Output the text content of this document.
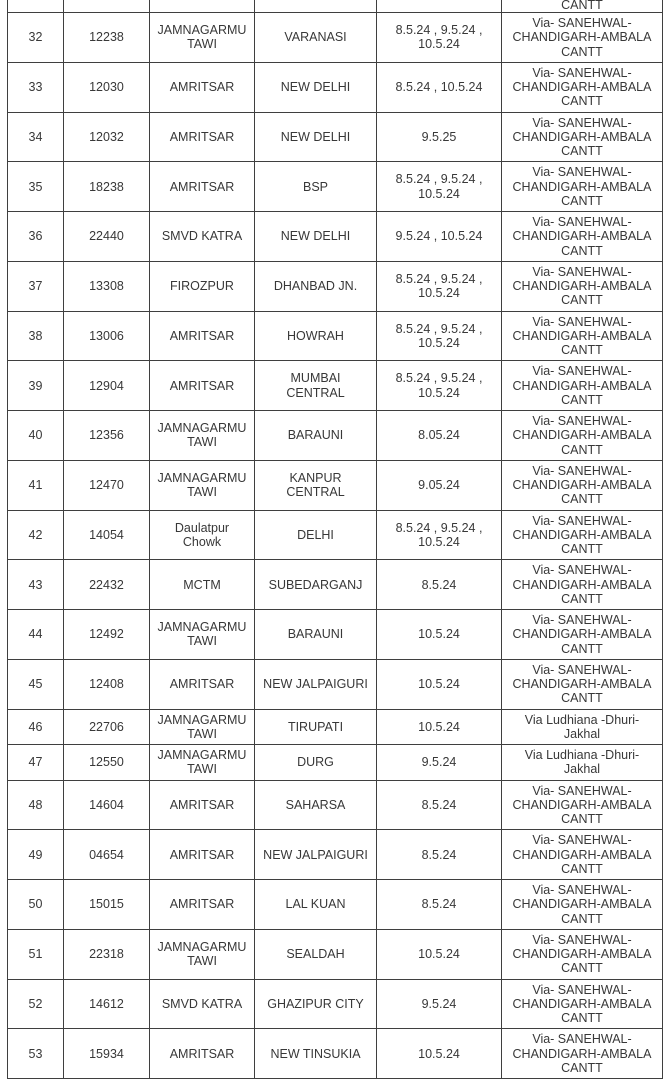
					CANTT
32	12238	JAMNAGARMU TAWI	VARANASI	8.5.24 , 9.5.24 , 10.5.24	Via- SANEHWAL-CHANDIGARH-AMBALA CANTT
33	12030	AMRITSAR	NEW DELHI	8.5.24 , 10.5.24	Via- SANEHWAL-CHANDIGARH-AMBALA CANTT
34	12032	AMRITSAR	NEW DELHI	9.5.25	Via- SANEHWAL-CHANDIGARH-AMBALA CANTT
35	18238	AMRITSAR	BSP	8.5.24 , 9.5.24 , 10.5.24	Via- SANEHWAL-CHANDIGARH-AMBALA CANTT
36	22440	SMVD KATRA	NEW DELHI	9.5.24 , 10.5.24	Via- SANEHWAL-CHANDIGARH-AMBALA CANTT
37	13308	FIROZPUR	DHANBAD JN.	8.5.24 , 9.5.24 , 10.5.24	Via- SANEHWAL-CHANDIGARH-AMBALA CANTT
38	13006	AMRITSAR	HOWRAH	8.5.24 , 9.5.24 , 10.5.24	Via- SANEHWAL-CHANDIGARH-AMBALA CANTT
39	12904	AMRITSAR	MUMBAI CENTRAL	8.5.24 , 9.5.24 , 10.5.24	Via- SANEHWAL-CHANDIGARH-AMBALA CANTT
40	12356	JAMNAGARMU TAWI	BARAUNI	8.05.24	Via- SANEHWAL-CHANDIGARH-AMBALA CANTT
41	12470	JAMNAGARMU TAWI	KANPUR CENTRAL	9.05.24	Via- SANEHWAL-CHANDIGARH-AMBALA CANTT
42	14054	Daulatpur Chowk	DELHI	8.5.24 , 9.5.24 , 10.5.24	Via- SANEHWAL-CHANDIGARH-AMBALA CANTT
43	22432	MCTM	SUBEDARGANJ	8.5.24	Via- SANEHWAL-CHANDIGARH-AMBALA CANTT
44	12492	JAMNAGARMU TAWI	BARAUNI	10.5.24	Via- SANEHWAL-CHANDIGARH-AMBALA CANTT
45	12408	AMRITSAR	NEW JALPAIGURI	10.5.24	Via- SANEHWAL-CHANDIGARH-AMBALA CANTT
46	22706	JAMNAGARMU TAWI	TIRUPATI	10.5.24	Via Ludhiana -Dhuri-Jakhal
47	12550	JAMNAGARMU TAWI	DURG	9.5.24	Via Ludhiana -Dhuri-Jakhal
48	14604	AMRITSAR	SAHARSA	8.5.24	Via- SANEHWAL-CHANDIGARH-AMBALA CANTT
49	04654	AMRITSAR	NEW JALPAIGURI	8.5.24	Via- SANEHWAL-CHANDIGARH-AMBALA CANTT
50	15015	AMRITSAR	LAL KUAN	8.5.24	Via- SANEHWAL-CHANDIGARH-AMBALA CANTT
51	22318	JAMNAGARMU TAWI	SEALDAH	10.5.24	Via- SANEHWAL-CHANDIGARH-AMBALA CANTT
52	14612	SMVD KATRA	GHAZIPUR CITY	9.5.24	Via- SANEHWAL-CHANDIGARH-AMBALA CANTT
53	15934	AMRITSAR	NEW TINSUKIA	10.5.24	Via- SANEHWAL-CHANDIGARH-AMBALA CANTT
